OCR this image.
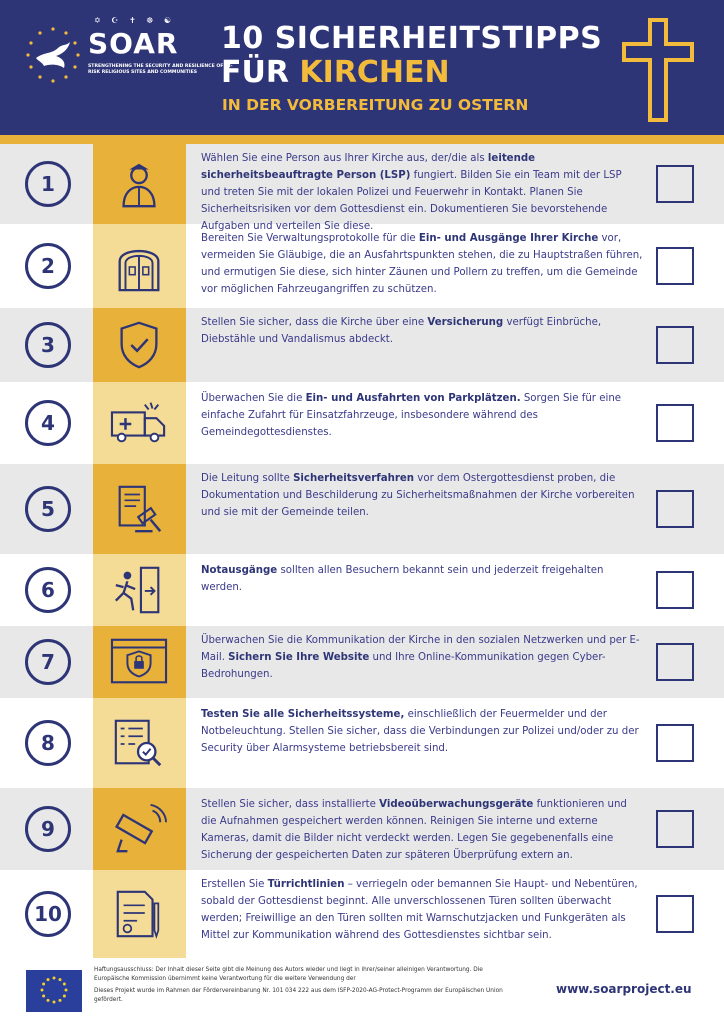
✡ ☪ ✝ ☸ ☯
SOAR
STRENGTHENING THE SECURITY AND RESILIENCE OF AT-RISK RELIGIOUS SITES AND COMMUNITIES
10 SICHERHEITSTIPPS
FÜR KIRCHEN
IN DER VORBEREITUNG ZU OSTERN
1
Wählen Sie eine Person aus Ihrer Kirche aus, der/die als leitende sicherheitsbeauftragte Person (LSP) fungiert. Bilden Sie ein Team mit der LSP und treten Sie mit der lokalen Polizei und Feuerwehr in Kontakt. Planen Sie Sicherheitsrisiken vor dem Gottesdienst ein. Dokumentieren Sie bevorstehende Aufgaben und verteilen Sie diese.
2
Bereiten Sie Verwaltungsprotokolle für die Ein- und Ausgänge Ihrer Kirche vor, vermeiden Sie Gläubige, die an Ausfahrtspunkten stehen, die zu Hauptstraßen führen, und ermutigen Sie diese, sich hinter Zäunen und Pollern zu treffen, um die Gemeinde vor möglichen Fahrzeugangriffen zu schützen.
3
Stellen Sie sicher, dass die Kirche über eine Versicherung verfügt Einbrüche, Diebstähle und Vandalismus abdeckt.
4
Überwachen Sie die Ein- und Ausfahrten von Parkplätzen. Sorgen Sie für eine einfache Zufahrt für Einsatzfahrzeuge, insbesondere während des Gemeindegottesdienstes.
5
Die Leitung sollte Sicherheitsverfahren vor dem Ostergottesdienst proben, die Dokumentation und Beschilderung zu Sicherheitsmaßnahmen der Kirche vorbereiten und sie mit der Gemeinde teilen.
6
Notausgänge sollten allen Besuchern bekannt sein und jederzeit freigehalten werden.
7
Überwachen Sie die Kommunikation der Kirche in den sozialen Netzwerken und per E-Mail. Sichern Sie Ihre Website und Ihre Online-Kommunikation gegen Cyber-Bedrohungen.
8
Testen Sie alle Sicherheitssysteme, einschließlich der Feuermelder und der Notbeleuchtung. Stellen Sie sicher, dass die Verbindungen zur Polizei und/oder zu der Security über Alarmsysteme betriebsbereit sind.
9
Stellen Sie sicher, dass installierte Videoüberwachungsgeräte funktionieren und die Aufnahmen gespeichert werden können. Reinigen Sie interne und externe Kameras, damit die Bilder nicht verdeckt werden. Legen Sie gegebenenfalls eine Sicherung der gespeicherten Daten zur späteren Überprüfung extern an.
10
Erstellen Sie Türrichtlinien – verriegeln oder bemannen Sie Haupt- und Nebentüren, sobald der Gottesdienst beginnt. Alle unverschlossenen Türen sollten überwacht werden; Freiwillige an den Türen sollten mit Warnschutzjacken und Funkgeräten als Mittel zur Kommunikation während des Gottesdienstes sichtbar sein.
Haftungsausschluss: Der Inhalt dieser Seite gibt die Meinung des Autors wieder und liegt in ihrer/seiner alleinigen Verantwortung. Die Europäische Kommission übernimmt keine Verantwortung für die weitere Verwendung der
Dieses Projekt wurde im Rahmen der Fördervereinbarung Nr. 101 034 222 aus dem ISFP-2020-AG-Protect-Programm der Europäischen Union gefördert.
www.soarproject.eu
